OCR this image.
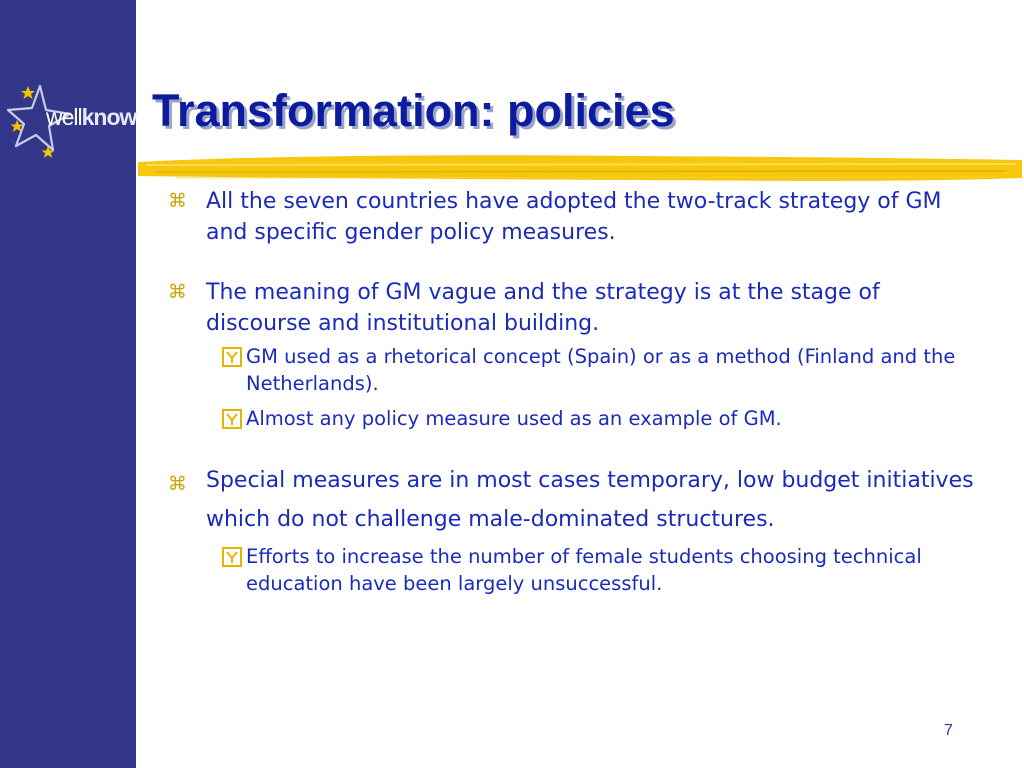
wellknow Transformation: policies
⌘ All the seven countries have adopted the two-track strategy of GM and specific gender policy measures.
⌘ The meaning of GM vague and the strategy is at the stage of discourse and institutional building.
GM used as a rhetorical concept (Spain) or as a method (Finland and the Netherlands).
Almost any policy measure used as an example of GM.
⌘ Special measures are in most cases temporary, low budget initiatives which do not challenge male-dominated structures.
Efforts to increase the number of female students choosing technical education have been largely unsuccessful.
7
